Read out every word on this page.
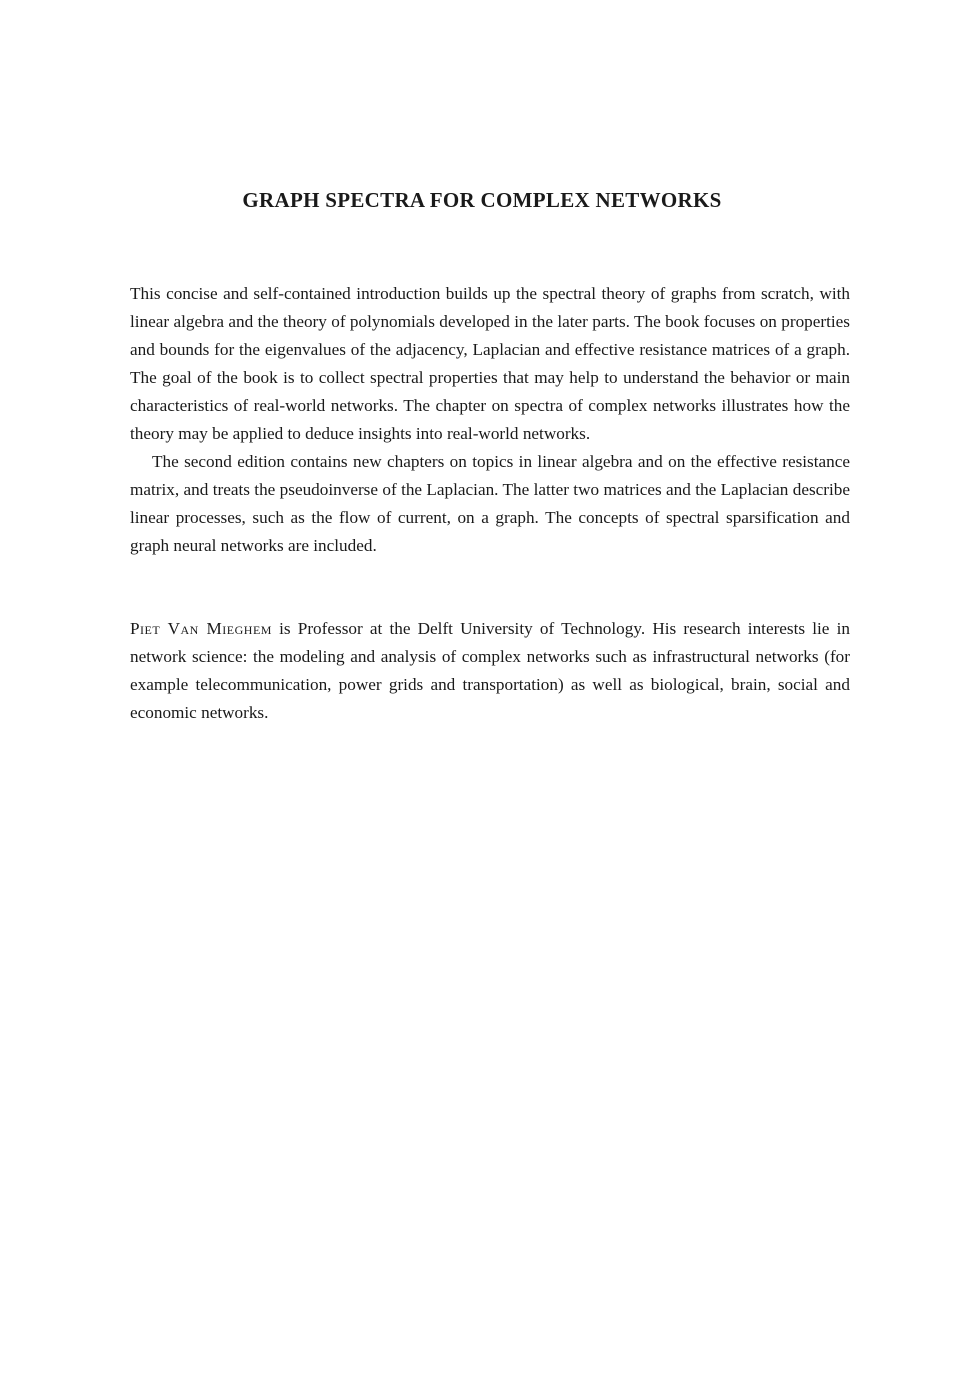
GRAPH SPECTRA FOR COMPLEX NETWORKS

This concise and self-contained introduction builds up the spectral theory of graphs from scratch, with linear algebra and the theory of polynomials developed in the later parts. The book focuses on properties and bounds for the eigenvalues of the adjacency, Laplacian and effective resistance matrices of a graph. The goal of the book is to collect spectral properties that may help to understand the behavior or main characteristics of real-world networks. The chapter on spectra of complex networks illustrates how the theory may be applied to deduce insights into real-world networks.

The second edition contains new chapters on topics in linear algebra and on the effective resistance matrix, and treats the pseudoinverse of the Laplacian. The latter two matrices and the Laplacian describe linear processes, such as the flow of current, on a graph. The concepts of spectral sparsification and graph neural networks are included.

Piet Van Mieghem is Professor at the Delft University of Technology. His research interests lie in network science: the modeling and analysis of complex networks such as infrastructural networks (for example telecommunication, power grids and transportation) as well as biological, brain, social and economic networks.
